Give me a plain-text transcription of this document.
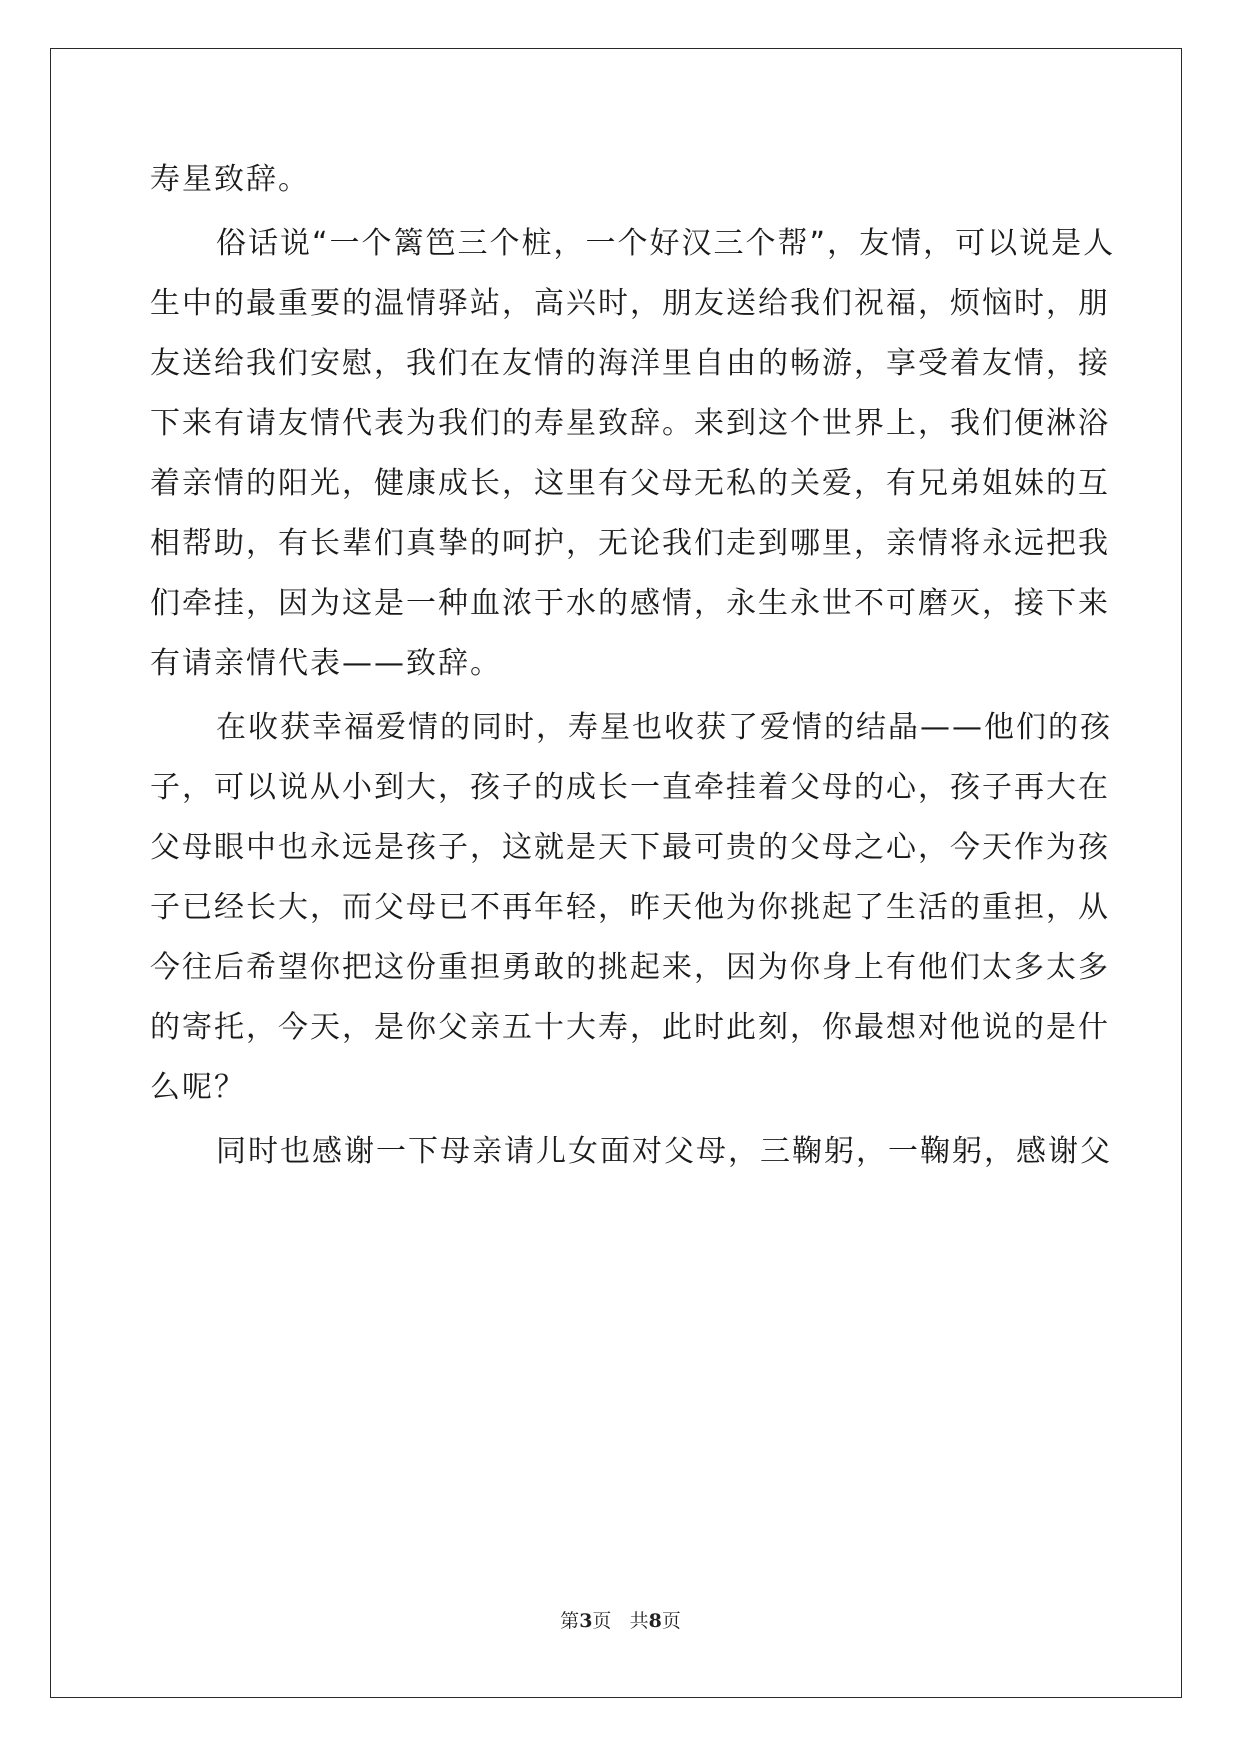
寿星致辞。
俗话说“一个篱笆三个桩，一个好汉三个帮”，友情，可以说是人
生中的最重要的温情驿站，高兴时，朋友送给我们祝福，烦恼时，朋
友送给我们安慰，我们在友情的海洋里自由的畅游，享受着友情，接
下来有请友情代表为我们的寿星致辞。来到这个世界上，我们便淋浴
着亲情的阳光，健康成长，这里有父母无私的关爱，有兄弟姐妹的互
相帮助，有长辈们真挚的呵护，无论我们走到哪里，亲情将永远把我
们牵挂，因为这是一种血浓于水的感情，永生永世不可磨灭，接下来
有请亲情代表——致辞。
在收获幸福爱情的同时，寿星也收获了爱情的结晶——他们的孩
子，可以说从小到大，孩子的成长一直牵挂着父母的心，孩子再大在
父母眼中也永远是孩子，这就是天下最可贵的父母之心，今天作为孩
子已经长大，而父母已不再年轻，昨天他为你挑起了生活的重担，从
今往后希望你把这份重担勇敢的挑起来，因为你身上有他们太多太多
的寄托，今天，是你父亲五十大寿，此时此刻，你最想对他说的是什
么呢？
同时也感谢一下母亲请儿女面对父母，三鞠躬，一鞠躬，感谢父
第3页 共8页
